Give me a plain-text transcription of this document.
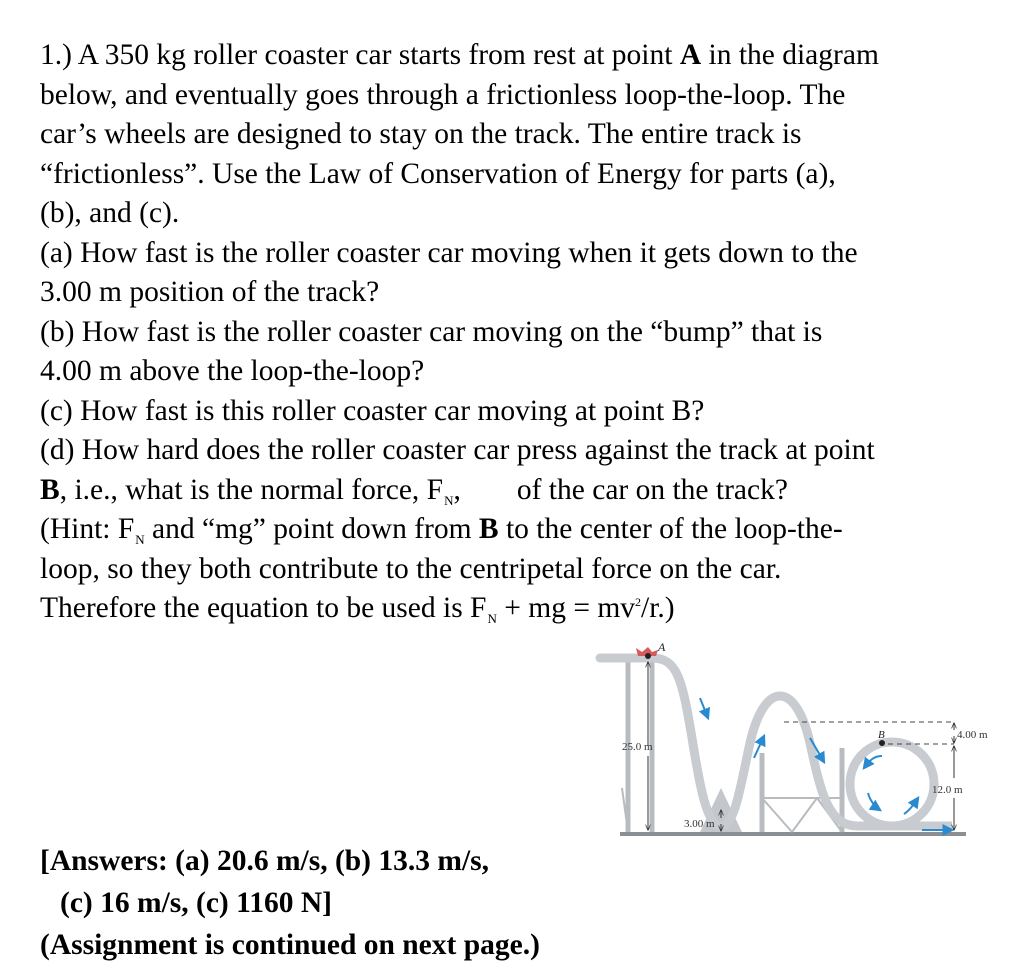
1.) A 350 kg roller coaster car starts from rest at point A in the diagram
below, and eventually goes through a frictionless loop-the-loop. The
car’s wheels are designed to stay on the track. The entire track is
“frictionless”. Use the Law of Conservation of Energy for parts (a),
(b), and (c).
(a) How fast is the roller coaster car moving when it gets down to the
3.00 m position of the track?
(b) How fast is the roller coaster car moving on the “bump” that is
4.00 m above the loop-the-loop?
(c) How fast is this roller coaster car moving at point B?
(d) How hard does the roller coaster car press against the track at point
B, i.e., what is the normal force, $F_N$, of the car on the track?
(Hint: $F_N$ and “mg” point down from B to the center of the loop-the-
loop, so they both contribute to the centripetal force on the car.
Therefore the equation to be used is $F_N$ + mg = $mv^2/r$.)
A
B
25.0 m
3.00 m
4.00 m
12.0 m
[Answers: (a) 20.6 m/s, (b) 13.3 m/s,
(c) 16 m/s, (c) 1160 N]
(Assignment is continued on next page.)
